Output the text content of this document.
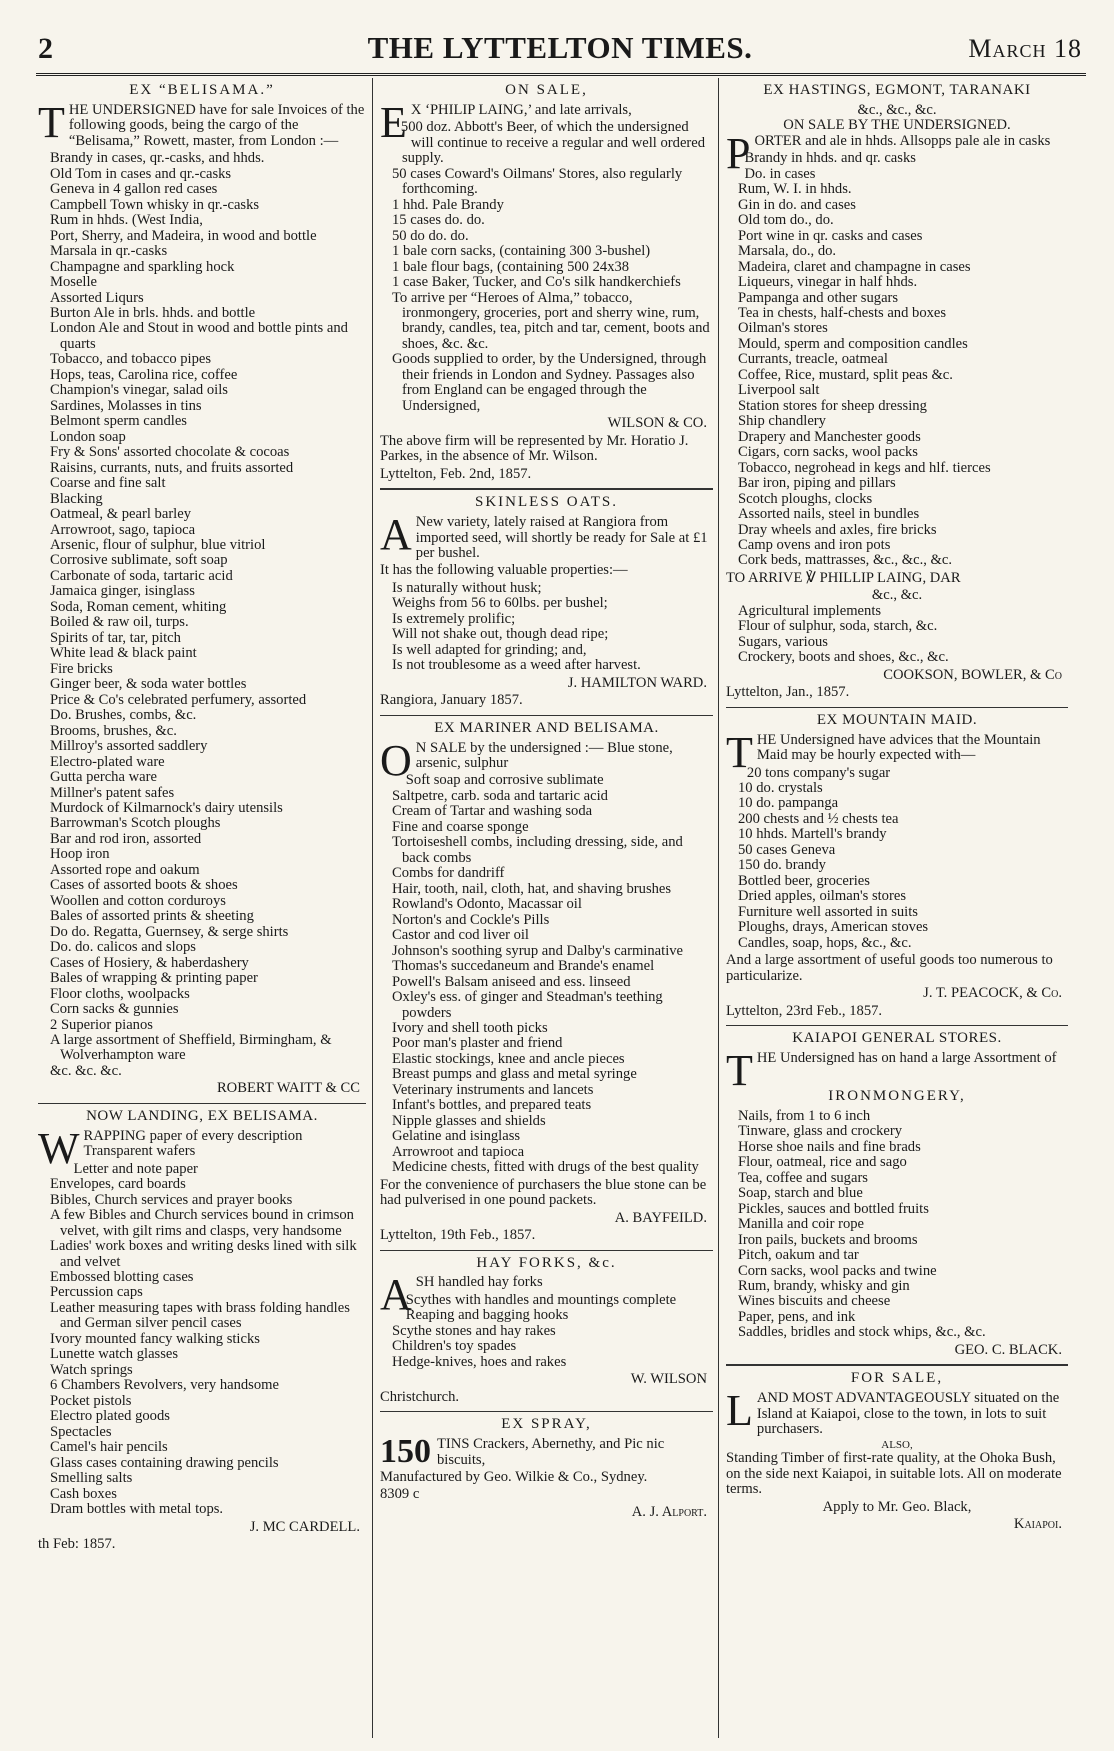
2	THE LYTTELTON TIMES.	March 18
EX “BELISAMA.”

THE UNDERSIGNED have for sale Invoices of the following goods, being the cargo of the “Belisama,” Rowett, master, from London :—

Brandy in cases, qr.-casks, and hhds.
Old Tom in cases and qr.-casks
Geneva in 4 gallon red cases
Campbell Town whisky in qr.-casks
Rum in hhds. (West India,
Port, Sherry, and Madeira, in wood and bottle
Marsala in qr.-casks
Champagne and sparkling hock
Moselle
Assorted Liqurs
Burton Ale in brls. hhds. and bottle
London Ale and Stout in wood and bottle pints and quarts
Tobacco, and tobacco pipes
Hops, teas, Carolina rice, coffee
Champion's vinegar, salad oils
Sardines, Molasses in tins
Belmont sperm candles
London soap
Fry & Sons' assorted chocolate & cocoas
Raisins, currants, nuts, and fruits assorted
Coarse and fine salt
Blacking
Oatmeal, & pearl barley
Arrowroot, sago, tapioca
Arsenic, flour of sulphur, blue vitriol
Corrosive sublimate, soft soap
Carbonate of soda, tartaric acid
Jamaica ginger, isinglass
Soda, Roman cement, whiting
Boiled & raw oil, turps.
Spirits of tar, tar, pitch
White lead & black paint
Fire bricks
Ginger beer, & soda water bottles
Price & Co's celebrated perfumery, assorted
Do. Brushes, combs, &c.
Brooms, brushes, &c.
Millroy's assorted saddlery
Electro-plated ware
Gutta percha ware
Millner's patent safes
Murdock of Kilmarnock's dairy utensils
Barrowman's Scotch ploughs
Bar and rod iron, assorted
Hoop iron
Assorted rope and oakum
Cases of assorted boots & shoes
Woollen and cotton corduroys
Bales of assorted prints & sheeting
Do do. Regatta, Guernsey, & serge shirts
Do. do. calicos and slops
Cases of Hosiery, & haberdashery
Bales of wrapping & printing paper
Floor cloths, woolpacks
Corn sacks & gunnies
2 Superior pianos
A large assortment of Sheffield, Birmingham, & Wolverhampton ware
&c. &c. &c.
ROBERT WAITT & CC
NOW LANDING, EX BELISAMA.

WRAPPING paper of every description Transparent wafers

Letter and note paper
Envelopes, card boards
Bibles, Church services and prayer books
A few Bibles and Church services bound in crimson velvet, with gilt rims and clasps, very handsome
Ladies' work boxes and writing desks lined with silk and velvet
Embossed blotting cases
Percussion caps
Leather measuring tapes with brass folding handles and German silver pencil cases
Ivory mounted fancy walking sticks
Lunette watch glasses
Watch springs
6 Chambers Revolvers, very handsome
Pocket pistols
Electro plated goods
Spectacles
Camel's hair pencils
Glass cases containing drawing pencils
Smelling salts
Cash boxes
Dram bottles with metal tops.
J. MC CARDELL.
th Feb: 1857.
ON SALE,

E X ‘PHILIP LAING,’ and late arrivals,

500 doz. Abbott's Beer, of which the undersigned will continue to receive a regular and well ordered supply.
50 cases Coward's Oilmans' Stores, also regularly forthcoming.
1 hhd. Pale Brandy
15 cases do. do.
50 do do. do.
1 bale corn sacks, (containing 300 3-bushel)
1 bale flour bags, (containing 500 24x38
1 case Baker, Tucker, and Co's silk handkerchiefs
To arrive per “Heroes of Alma,” tobacco, ironmongery, groceries, port and sherry wine, rum, brandy, candles, tea, pitch and tar, cement, boots and shoes, &c. &c.
Goods supplied to order, by the Undersigned, through their friends in London and Sydney. Passages also from England can be engaged through the Undersigned,
WILSON & CO.

The above firm will be represented by Mr. Horatio J. Parkes, in the absence of Mr. Wilson.

Lyttelton, Feb. 2nd, 1857.
SKINLESS OATS.

A New variety, lately raised at Rangiora from imported seed, will shortly be ready for Sale at £1 per bushel.

It has the following valuable properties:—

Is naturally without husk;
Weighs from 56 to 60lbs. per bushel;
Is extremely prolific;
Will not shake out, though dead ripe;
Is well adapted for grinding; and,
Is not troublesome as a weed after harvest.
J. HAMILTON WARD.
Rangiora, January 1857.
EX MARINER AND BELISAMA.

O N SALE by the undersigned :— Blue stone, arsenic, sulphur

Soft soap and corrosive sublimate
Saltpetre, carb. soda and tartaric acid
Cream of Tartar and washing soda
Fine and coarse sponge
Tortoiseshell combs, including dressing, side, and back combs
Combs for dandriff
Hair, tooth, nail, cloth, hat, and shaving brushes
Rowland's Odonto, Macassar oil
Norton's and Cockle's Pills
Castor and cod liver oil
Johnson's soothing syrup and Dalby's carminative
Thomas's succedaneum and Brande's enamel
Powell's Balsam aniseed and ess. linseed
Oxley's ess. of ginger and Steadman's teething powders
Ivory and shell tooth picks
Poor man's plaster and friend
Elastic stockings, knee and ancle pieces
Breast pumps and glass and metal syringe
Veterinary instruments and lancets
Infant's bottles, and prepared teats
Nipple glasses and shields
Gelatine and isinglass
Arrowroot and tapioca
Medicine chests, fitted with drugs of the best quality

For the convenience of purchasers the blue stone can be had pulverised in one pound packets.

A. BAYFEILD.
Lyttelton, 19th Feb., 1857.
HAY FORKS, &c.

ASH handled hay forks

Scythes with handles and mountings complete
Reaping and bagging hooks
Scythe stones and hay rakes
Children's toy spades
Hedge-knives, hoes and rakes
W. WILSON
Christchurch.
EX SPRAY,

150 TINS Crackers, Abernethy, and Pic nic biscuits,

Manufactured by Geo. Wilkie & Co., Sydney.

8309 c
A. J. Alport.
EX HASTINGS, EGMONT, TARANAKI
&c., &c., &c.
ON SALE BY THE UNDERSIGNED.

PORTER and ale in hhds. Allsopps pale ale in casks

Brandy in hhds. and qr. casks
Do. in cases
Rum, W. I. in hhds.
Gin in do. and cases
Old tom do., do.
Port wine in qr. casks and cases
Marsala, do., do.
Madeira, claret and champagne in cases
Liqueurs, vinegar in half hhds.
Pampanga and other sugars
Tea in chests, half-chests and boxes
Oilman's stores
Mould, sperm and composition candles
Currants, treacle, oatmeal
Coffee, Rice, mustard, split peas &c.
Liverpool salt
Station stores for sheep dressing
Ship chandlery
Drapery and Manchester goods
Cigars, corn sacks, wool packs
Tobacco, negrohead in kegs and hlf. tierces
Bar iron, piping and pillars
Scotch ploughs, clocks
Assorted nails, steel in bundles
Dray wheels and axles, fire bricks
Camp ovens and iron pots
Cork beds, mattrasses, &c., &c., &c.
TO ARRIVE ℣ PHILLIP LAING, DAR
&c., &c.
Agricultural implements
Flour of sulphur, soda, starch, &c.
Sugars, various
Crockery, boots and shoes, &c., &c.
COOKSON, BOWLER, & Co
Lyttelton, Jan., 1857.
EX MOUNTAIN MAID.

THE Undersigned have advices that the Mountain Maid may be hourly expected with—

20 tons company's sugar
10 do. crystals
10 do. pampanga
200 chests and ½ chests tea
10 hhds. Martell's brandy
50 cases Geneva
150 do. brandy
Bottled beer, groceries
Dried apples, oilman's stores
Furniture well assorted in suits
Ploughs, drays, American stoves
Candles, soap, hops, &c., &c.

And a large assortment of useful goods too numerous to particularize.

J. T. PEACOCK, & Co.
Lyttelton, 23rd Feb., 1857.
KAIAPOI GENERAL STORES.

THE Undersigned has on hand a large Assortment of

IRONMONGERY,
Nails, from 1 to 6 inch
Tinware, glass and crockery
Horse shoe nails and fine brads
Flour, oatmeal, rice and sago
Tea, coffee and sugars
Soap, starch and blue
Pickles, sauces and bottled fruits
Manilla and coir rope
Iron pails, buckets and brooms
Pitch, oakum and tar
Corn sacks, wool packs and twine
Rum, brandy, whisky and gin
Wines biscuits and cheese
Paper, pens, and ink
Saddles, bridles and stock whips, &c., &c.
GEO. C. BLACK.
FOR SALE,

LAND MOST ADVANTAGEOUSLY situated on the Island at Kaiapoi, close to the town, in lots to suit purchasers.

ALSO,

Standing Timber of first-rate quality, at the Ohoka Bush, on the side next Kaiapoi, in suitable lots. All on moderate terms.

Apply to Mr. Geo. Black,
Kaiapoi.
